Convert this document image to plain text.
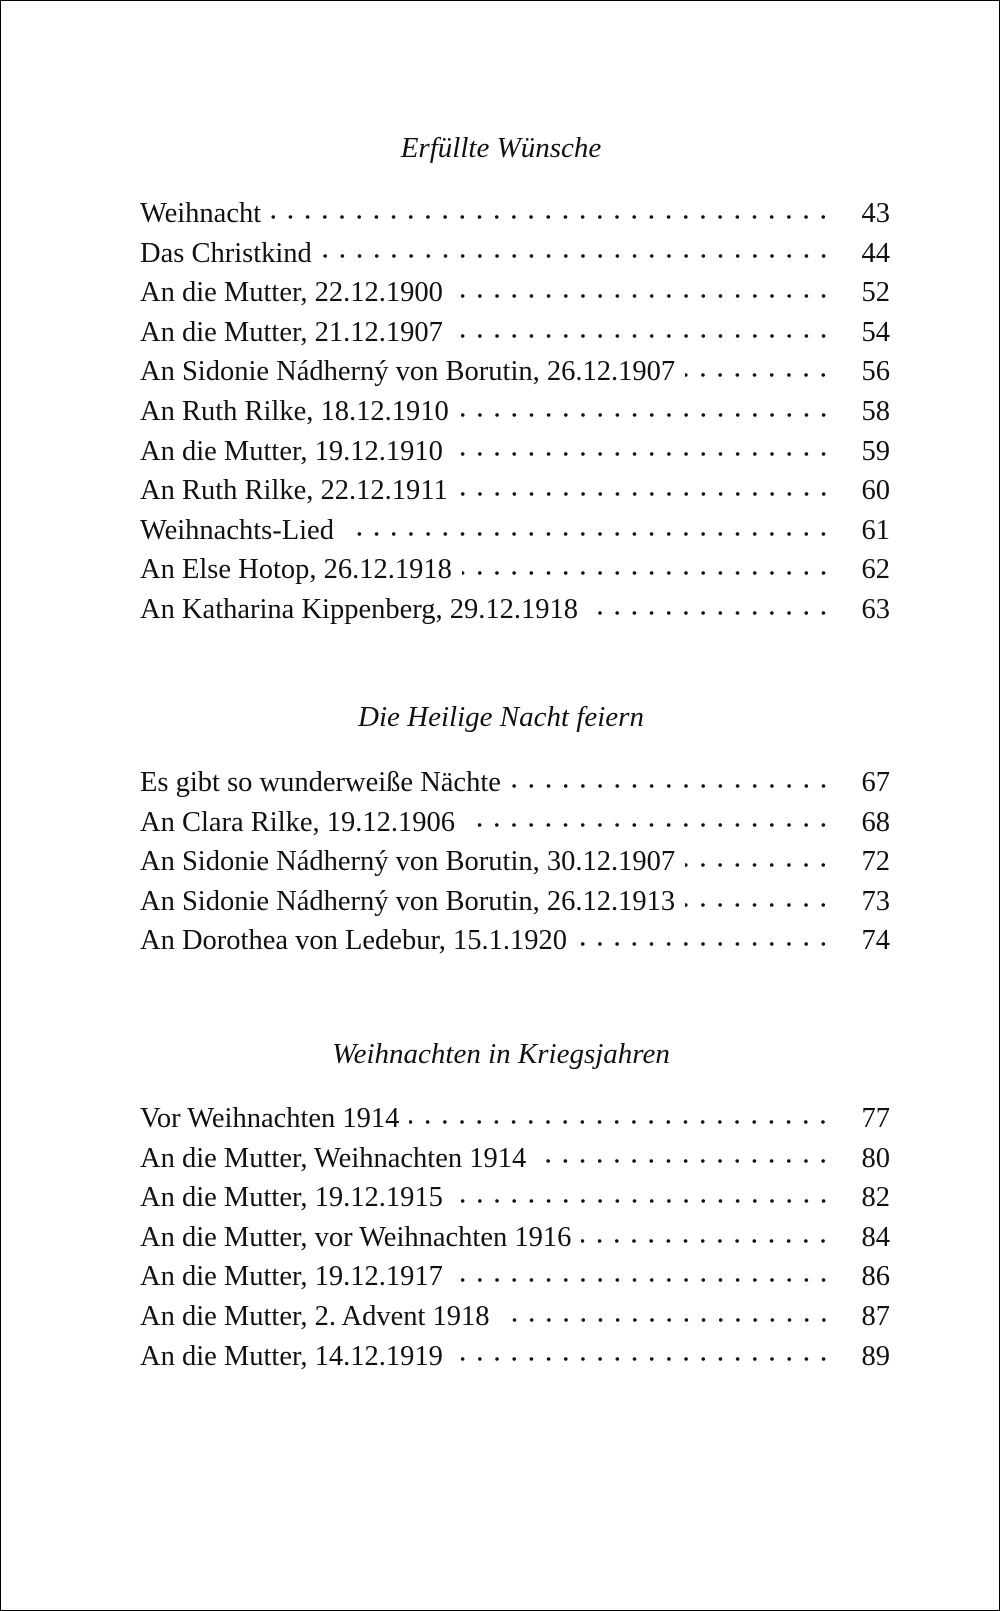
Erfüllte Wünsche
Weihnacht	43
Das Christkind	44
An die Mutter, 22.12.1900	52
An die Mutter, 21.12.1907	54
An Sidonie Nádherný von Borutin, 26.12.1907	56
An Ruth Rilke, 18.12.1910	58
An die Mutter, 19.12.1910	59
An Ruth Rilke, 22.12.1911	60
Weihnachts-Lied	61
An Else Hotop, 26.12.1918	62
An Katharina Kippenberg, 29.12.1918	63
Die Heilige Nacht feiern
Es gibt so wunderweiße Nächte	67
An Clara Rilke, 19.12.1906	68
An Sidonie Nádherný von Borutin, 30.12.1907	72
An Sidonie Nádherný von Borutin, 26.12.1913	73
An Dorothea von Ledebur, 15.1.1920	74
Weihnachten in Kriegsjahren
Vor Weihnachten 1914	77
An die Mutter, Weihnachten 1914	80
An die Mutter, 19.12.1915	82
An die Mutter, vor Weihnachten 1916	84
An die Mutter, 19.12.1917	86
An die Mutter, 2. Advent 1918	87
An die Mutter, 14.12.1919	89
